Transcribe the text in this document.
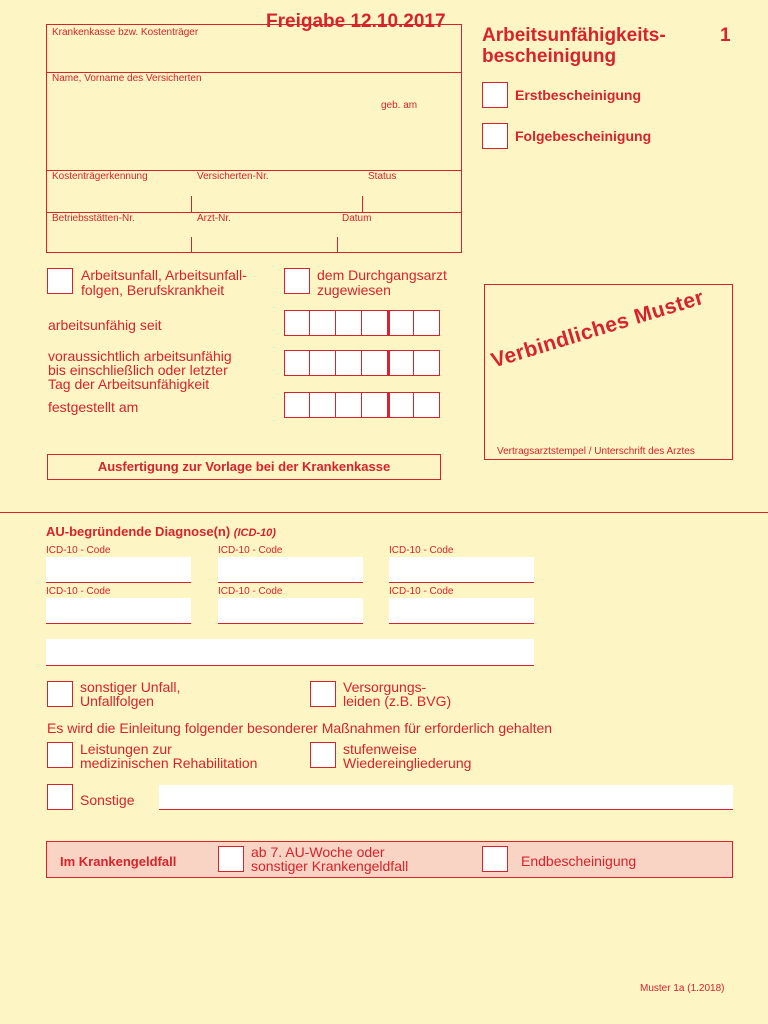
Freigabe 12.10.2017
Arbeitsunfähigkeits-
bescheinigung
1
Krankenkasse bzw. Kostenträger
Name, Vorname des Versicherten
geb. am
Kostenträgerkennung	Versicherten-Nr.	Status
Betriebsstätten-Nr.	Arzt-Nr.	Datum
Erstbescheinigung
Folgebescheinigung
Arbeitsunfall, Arbeitsunfall-
folgen, Berufskrankheit
dem Durchgangsarzt
zugewiesen
arbeitsunfähig seit
voraussichtlich arbeitsunfähig
bis einschließlich oder letzter
Tag der Arbeitsunfähigkeit
festgestellt am
Verbindliches Muster
Vertragsarztstempel / Unterschrift des Arztes
Ausfertigung zur Vorlage bei der Krankenkasse
AU-begründende Diagnose(n) (ICD-10)
ICD-10 - Code	ICD-10 - Code	ICD-10 - Code
ICD-10 - Code	ICD-10 - Code	ICD-10 - Code
sonstiger Unfall,
Unfallfolgen
Versorgungs-
leiden (z.B. BVG)
Es wird die Einleitung folgender besonderer Maßnahmen für erforderlich gehalten
Leistungen zur
medizinischen Rehabilitation
stufenweise
Wiedereingliederung
Sonstige
Im Krankengeldfall
ab 7. AU-Woche oder
sonstiger Krankengeldfall	Endbescheinigung
Muster 1a (1.2018)
